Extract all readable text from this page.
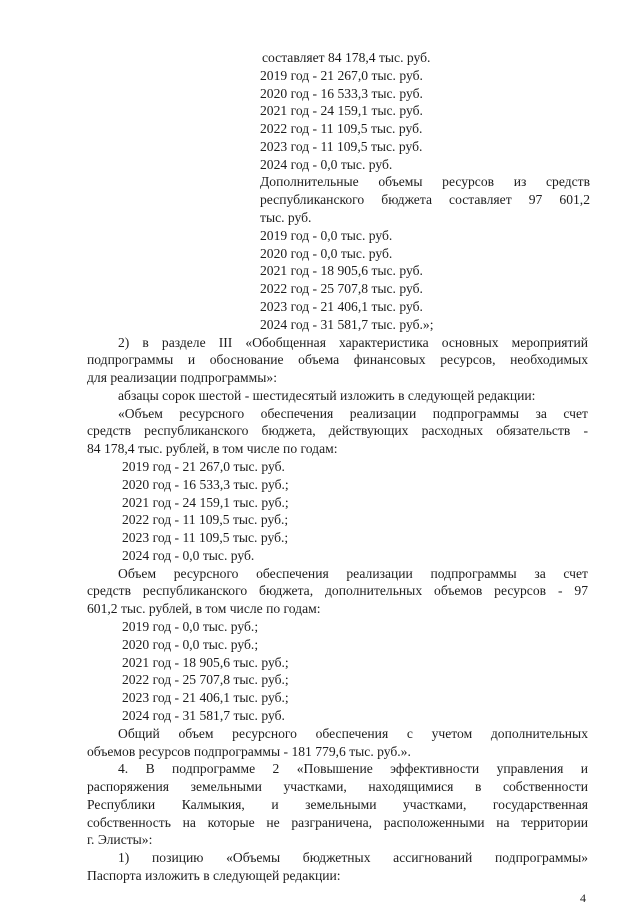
составляет 84 178,4 тыс. руб.

2019 год - 21 267,0 тыс. руб.

2020 год - 16 533,3 тыс. руб.

2021 год - 24 159,1 тыс. руб.

2022 год - 11 109,5 тыс. руб.

2023 год - 11 109,5 тыс. руб.

2024 год - 0,0 тыс. руб.

Дополнительные объемы ресурсов из средств

республиканского бюджета составляет 97 601,2

тыс. руб.

2019 год - 0,0 тыс. руб.

2020 год - 0,0 тыс. руб.

2021 год - 18 905,6 тыс. руб.

2022 год - 25 707,8 тыс. руб.

2023 год - 21 406,1 тыс. руб.

2024 год - 31 581,7 тыс. руб.»;

2) в разделе III «Обобщенная характеристика основных мероприятий

подпрограммы и обоснование объема финансовых ресурсов, необходимых

для реализации подпрограммы»:

абзацы сорок шестой - шестидесятый изложить в следующей редакции:

«Объем ресурсного обеспечения реализации подпрограммы за счет

средств республиканского бюджета, действующих расходных обязательств -

84 178,4 тыс. рублей, в том числе по годам:

2019 год - 21 267,0 тыс. руб.

2020 год - 16 533,3 тыс. руб.;

2021 год - 24 159,1 тыс. руб.;

2022 год - 11 109,5 тыс. руб.;

2023 год - 11 109,5 тыс. руб.;

2024 год - 0,0 тыс. руб.

Объем ресурсного обеспечения реализации подпрограммы за счет

средств республиканского бюджета, дополнительных объемов ресурсов - 97

601,2 тыс. рублей, в том числе по годам:

2019 год - 0,0 тыс. руб.;

2020 год - 0,0 тыс. руб.;

2021 год - 18 905,6 тыс. руб.;

2022 год - 25 707,8 тыс. руб.;

2023 год - 21 406,1 тыс. руб.;

2024 год - 31 581,7 тыс. руб.

Общий объем ресурсного обеспечения с учетом дополнительных

объемов ресурсов подпрограммы - 181 779,6 тыс. руб.».

4

4. В подпрограмме 2 «Повышение эффективности управления и

распоряжения земельными участками, находящимися в собственности

Республики Калмыкия, и земельными участками, государственная

собственность на которые не разграничена, расположенными на территории

г. Элисты»:

1) позицию «Объемы бюджетных ассигнований подпрограммы»

Паспорта изложить в следующей редакции:
